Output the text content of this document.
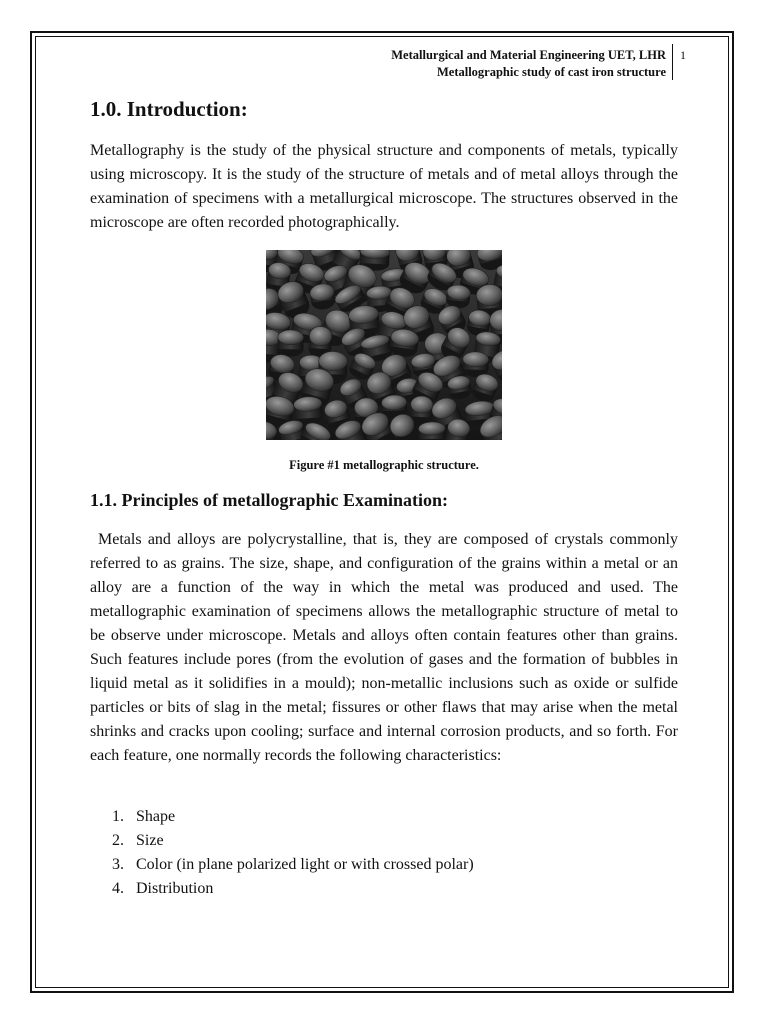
Metallurgical and Material Engineering UET, LHR
Metallographic study of cast iron structure
1
1.0. Introduction:

Metallography is the study of the physical structure and components of metals, typically using microscopy. It is the study of the structure of metals and of metal alloys through the examination of specimens with a metallurgical microscope. The structures observed in the microscope are often recorded photographically.

Figure #1 metallographic structure.
1.1. Principles of metallographic Examination:

Metals and alloys are polycrystalline, that is, they are composed of crystals commonly referred to as grains. The size, shape, and configuration of the grains within a metal or an alloy are a function of the way in which the metal was produced and used. The metallographic examination of specimens allows the metallographic structure of metal to be observe under microscope. Metals and alloys often contain features other than grains. Such features include pores (from the evolution of gases and the formation of bubbles in liquid metal as it solidifies in a mould); non-metallic inclusions such as oxide or sulfide particles or bits of slag in the metal; fissures or other flaws that may arise when the metal shrinks and cracks upon cooling; surface and internal corrosion products, and so forth. For each feature, one normally records the following characteristics:

1. Shape
2. Size
3. Color (in plane polarized light or with crossed polar)
4. Distribution
